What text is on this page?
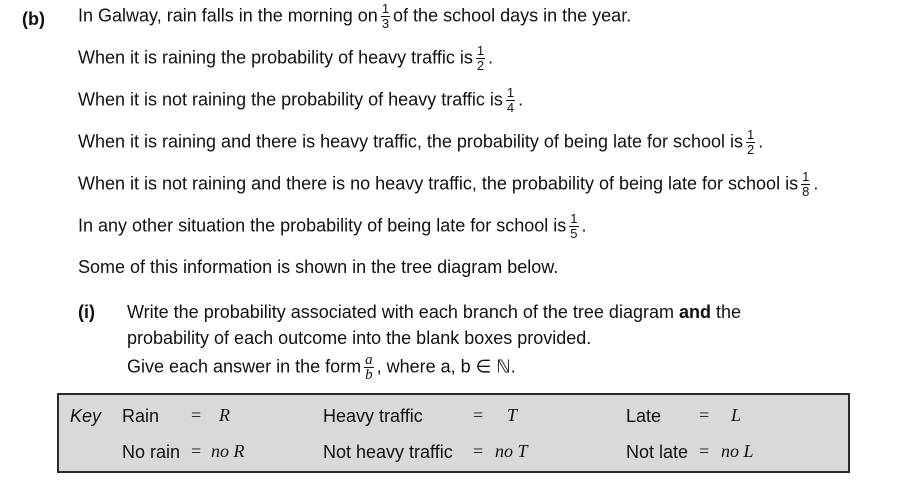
(b) In Galway, rain falls in the morning on $\frac{1}{3}$ of the school days in the year.
When it is raining the probability of heavy traffic is $\frac{1}{2}$ .
When it is not raining the probability of heavy traffic is $\frac{1}{4}$ .
When it is raining and there is heavy traffic, the probability of being late for school is $\frac{1}{2}$ .
When it is not raining and there is no heavy traffic, the probability of being late for school is $\frac{1}{8}$ .
In any other situation the probability of being late for school is $\frac{1}{5}$ .
Some of this information is shown in the tree diagram below.
(i) Write the probability associated with each branch of the tree diagram and the
probability of each outcome into the blank boxes provided.
Give each answer in the form $\frac{a}{b}$ , where a, b ∈ ℕ.
Key Rain = R
No rain = no R
Heavy traffic	= T
Not heavy traffic = no T
Late = L
Not late = no L
